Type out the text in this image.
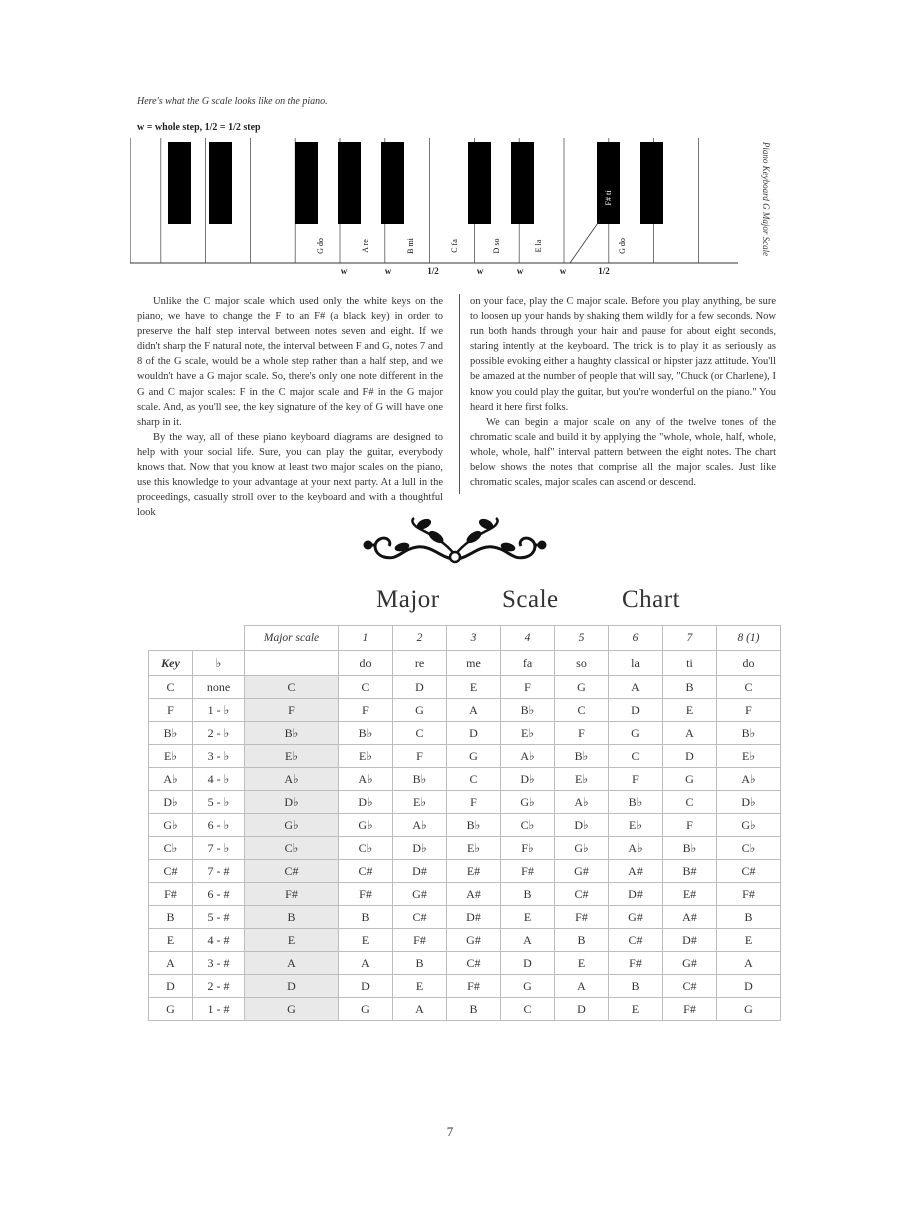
Here's what the G scale looks like on the piano.
w = whole step, 1/2 = 1/2 step
F# ti
G do	A re	B mi	C fa	D so	E la	G do
w	w	1/2	w	w	w	1/2
Piano Keyboard G Major Scale

Unlike the C major scale which used only the white keys on the piano, we have to change the F to an F# (a black key) in order to preserve the half step interval between notes seven and eight. If we didn't sharp the F natural note, the interval between F and G, notes 7 and 8 of the G scale, would be a whole step rather than a half step, and we wouldn't have a G major scale. So, there's only one note different in the G and C major scales: F in the C major scale and F# in the G major scale. And, as you'll see, the key signature of the key of G will have one sharp in it.

By the way, all of these piano keyboard diagrams are designed to help with your social life. Sure, you can play the guitar, everybody knows that. Now that you know at least two major scales on the piano, use this knowledge to your advantage at your next party. At a lull in the proceedings, casually stroll over to the keyboard and with a thoughtful look

on your face, play the C major scale. Before you play anything, be sure to loosen up your hands by shaking them wildly for a few seconds. Now run both hands through your hair and pause for about eight seconds, staring intently at the keyboard. The trick is to play it as seriously as possible evoking either a haughty classical or hipster jazz attitude. You'll be amazed at the number of people that will say, "Chuck (or Charlene), I know you could play the guitar, but you're wonderful on the piano." You heard it here first folks.

We can begin a major scale on any of the twelve tones of the chromatic scale and build it by applying the "whole, whole, half, whole, whole, whole, half" interval pattern between the eight notes. The chart below shows the notes that comprise all the major scales. Just like chromatic scales, major scales can ascend or descend.

Major Scale	Chart
		Major scale	1	2	3	4	5	6	7	8 (1)
Key	♭		do	re	me	fa	so	la	ti	do
C	none	C	C	D	E	F	G	A	B	C
F	1 - ♭	F	F	G	A	B♭	C	D	E	F
B♭	2 - ♭	B♭	B♭	C	D	E♭	F	G	A	B♭
E♭	3 - ♭	E♭	E♭	F	G	A♭	B♭	C	D	E♭
A♭	4 - ♭	A♭	A♭	B♭	C	D♭	E♭	F	G	A♭
D♭	5 - ♭	D♭	D♭	E♭	F	G♭	A♭	B♭	C	D♭
G♭	6 - ♭	G♭	G♭	A♭	B♭	C♭	D♭	E♭	F	G♭
C♭	7 - ♭	C♭	C♭	D♭	E♭	F♭	G♭	A♭	B♭	C♭
C#	7 - #	C#	C#	D#	E#	F#	G#	A#	B#	C#
F#	6 - #	F#	F#	G#	A#	B	C#	D#	E#	F#
B	5 - #	B	B	C#	D#	E	F#	G#	A#	B
E	4 - #	E	E	F#	G#	A	B	C#	D#	E
A	3 - #	A	A	B	C#	D	E	F#	G#	A
D	2 - #	D	D	E	F#	G	A	B	C#	D
G	1 - #	G	G	A	B	C	D	E	F#	G
7
